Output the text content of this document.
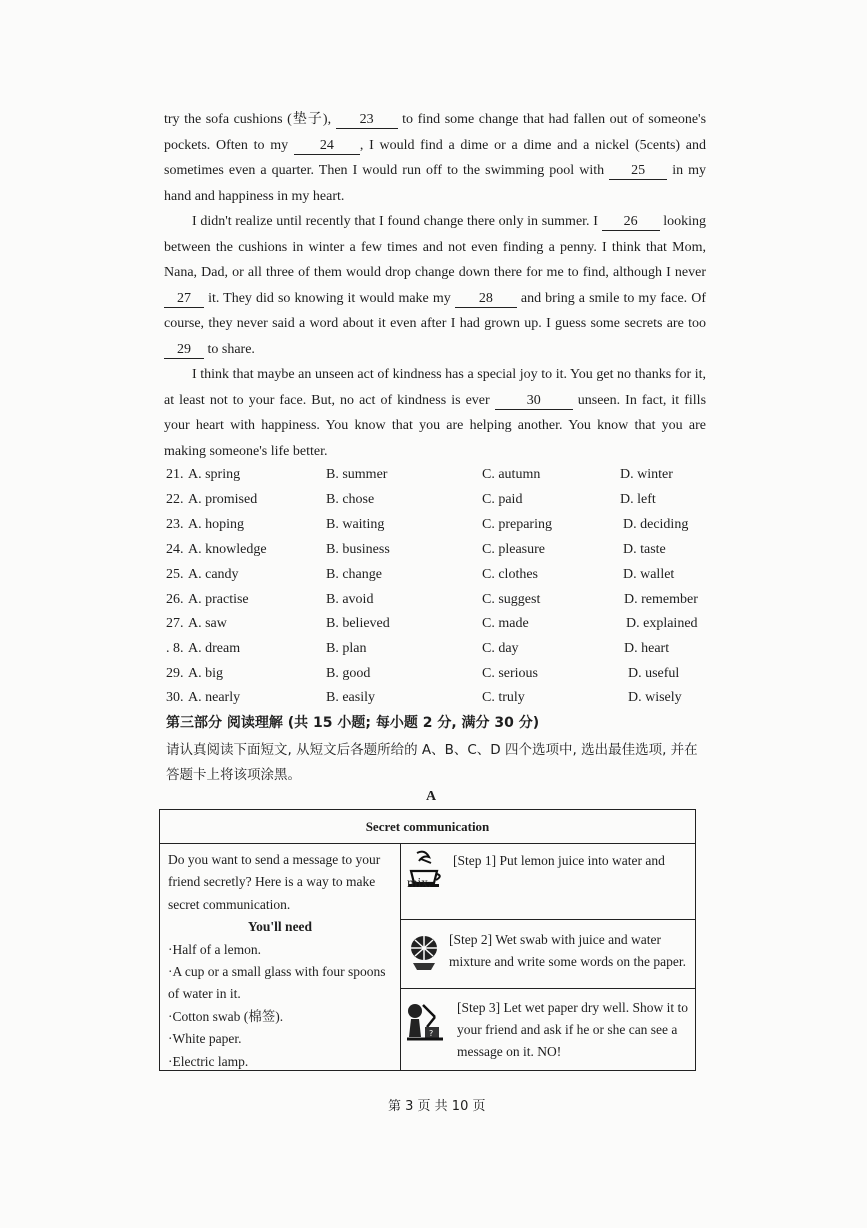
try the sofa cushions (垫子), 23 to find some change that had fallen out of someone's pockets. Often to my 24 , I would find a dime or a dime and a nickel (5cents) and sometimes even a quarter. Then I would run off to the swimming pool with 25 in my hand and happiness in my heart.
I didn't realize until recently that I found change there only in summer. I 26 looking between the cushions in winter a few times and not even finding a penny. I think that Mom, Nana, Dad, or all three of them would drop change down there for me to find, although I never 27 it. They did so knowing it would make my 28 and bring a smile to my face. Of course, they never said a word about it even after I had grown up. I guess some secrets are too 29 to share.
I think that maybe an unseen act of kindness has a special joy to it. You get no thanks for it, at least not to your face. But, no act of kindness is ever	30	unseen. In fact, it fills your heart with happiness. You know that you are helping another. You know that you are making someone's life better.
21. A. spring	B. summer	C. autumn	D. winter
22. A. promised	B. chose	C. paid	D. left
23. A. hoping	B. waiting	C. preparing	D. deciding
24. A. knowledge	B. business	C. pleasure	D. taste
25. A. candy	B. change	C. clothes	D. wallet
26. A. practise	B. avoid	C. suggest	D. remember
27. A. saw	B. believed	C. made	D. explained
. 8. A. dream	B. plan	C. day	D. heart
29. A. big	B. good	C. serious	D. useful
30. A. nearly	B. easily	C. truly	D. wisely
第三部分 阅读理解 (共 15 小题; 每小题 2 分, 满分 30 分)
请认真阅读下面短文, 从短文后各题所给的 A、B、C、D 四个选项中, 选出最佳选项, 并在答题卡上将该项涂黑。
A
Secret communication
Do you want to send a message to your friend secretly? Here is a way to make secret communication.
You'll need
·Half of a lemon.
·A cup or a small glass with four spoons of water in it.
·Cotton swab (棉签).
·White paper.
·Electric lamp.
[Step 1] Put lemon juice into water and mix.
[Step 2] Wet swab with juice and water mixture and write some words on the paper.
?
[Step 3] Let wet paper dry well. Show it to your friend and ask if he or she can see a message on it. NO!
第 3 页 共 10 页
